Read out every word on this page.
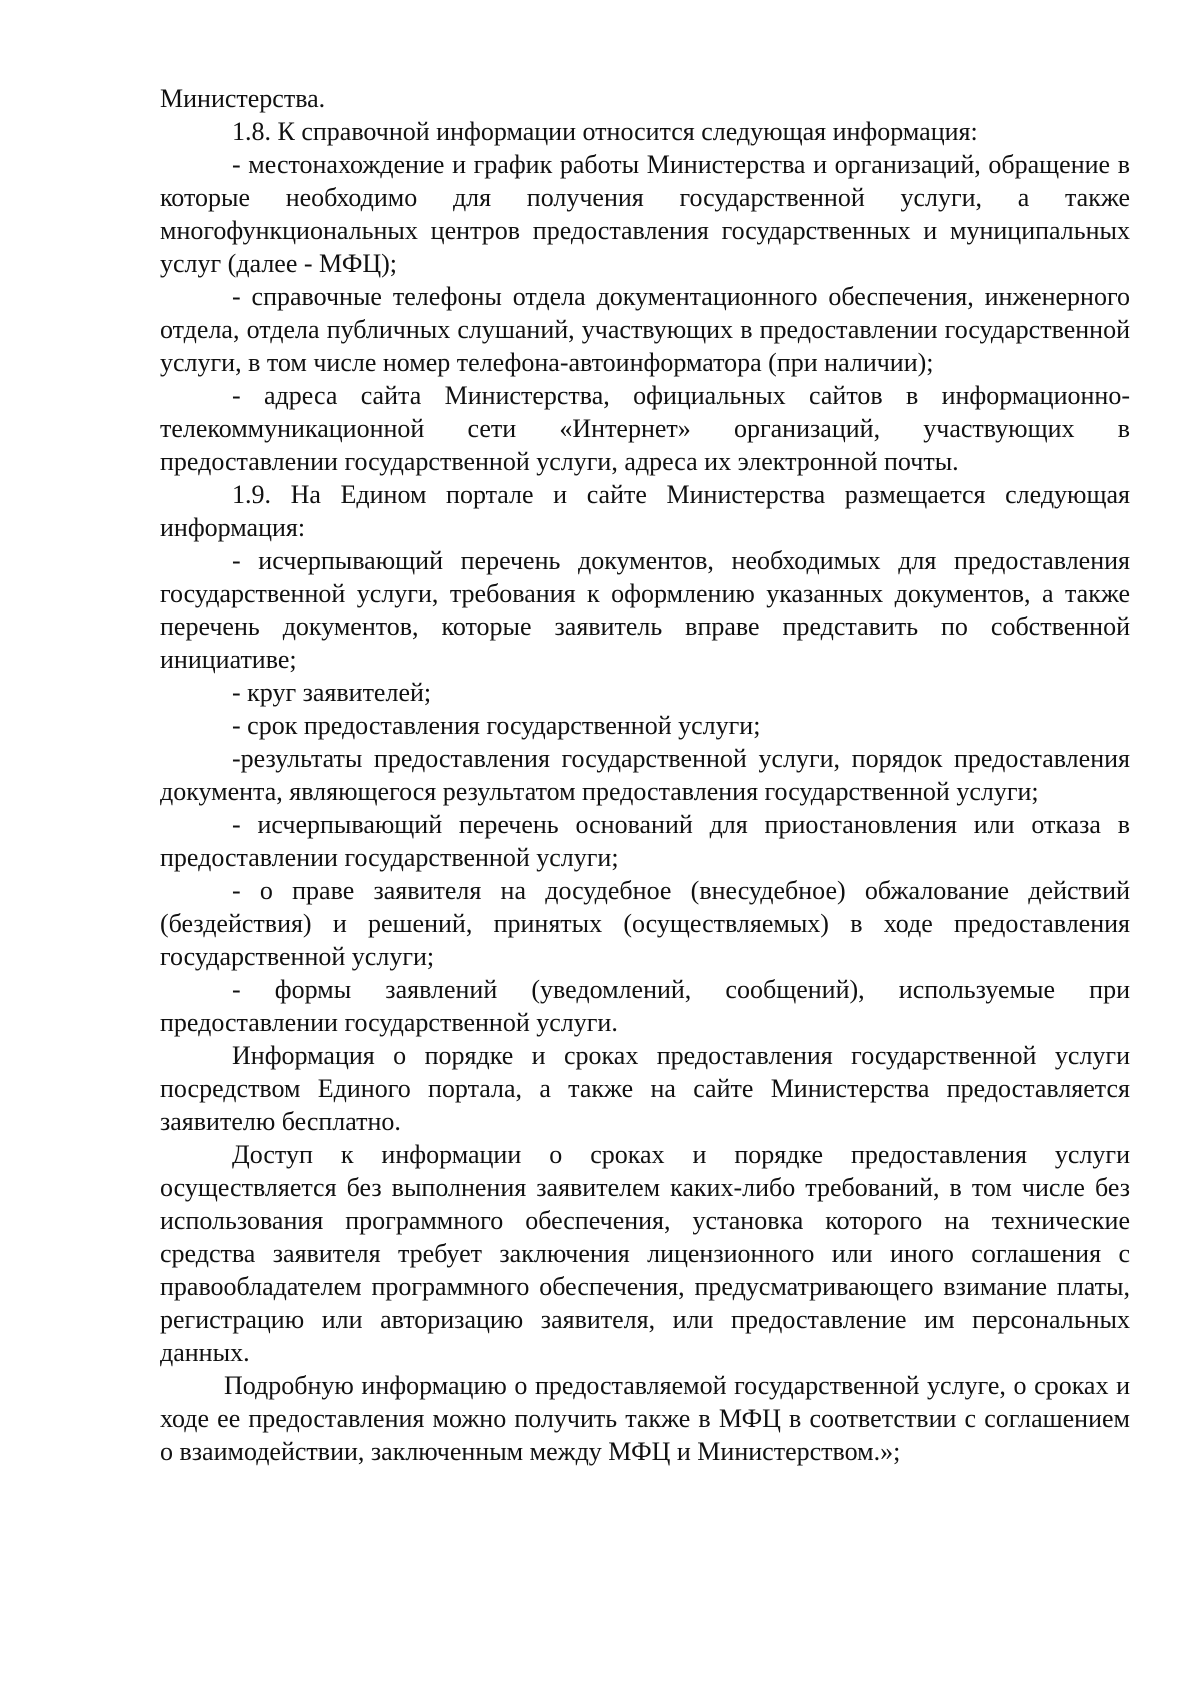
Министерства.

1.8. К справочной информации относится следующая информация:

- местонахождение и график работы Министерства и организаций, обращение в которые необходимо для получения государственной услуги, а также многофункциональных центров предоставления государственных и муниципальных услуг (далее - МФЦ);

- справочные телефоны отдела документационного обеспечения, инженерного отдела, отдела публичных слушаний, участвующих в предоставлении государственной услуги, в том числе номер телефона-автоинформатора (при наличии);

- адреса сайта Министерства, официальных сайтов в информационно-телекоммуникационной сети «Интернет» организаций, участвующих в предоставлении государственной услуги, адреса их электронной почты.

1.9. На Едином портале и сайте Министерства размещается следующая информация:

- исчерпывающий перечень документов, необходимых для предоставления государственной услуги, требования к оформлению указанных документов, а также перечень документов, которые заявитель вправе представить по собственной инициативе;

- круг заявителей;

- срок предоставления государственной услуги;

-результаты предоставления государственной услуги, порядок предоставления документа, являющегося результатом предоставления государственной услуги;

- исчерпывающий перечень оснований для приостановления или отказа в предоставлении государственной услуги;

- о праве заявителя на досудебное (внесудебное) обжалование действий (бездействия) и решений, принятых (осуществляемых) в ходе предоставления государственной услуги;

- формы заявлений (уведомлений, сообщений), используемые при предоставлении государственной услуги.

Информация о порядке и сроках предоставления государственной услуги посредством Единого портала, а также на сайте Министерства предоставляется заявителю бесплатно.

Доступ к информации о сроках и порядке предоставления услуги осуществляется без выполнения заявителем каких-либо требований, в том числе без использования программного обеспечения, установка которого на технические средства заявителя требует заключения лицензионного или иного соглашения с правообладателем программного обеспечения, предусматривающего взимание платы, регистрацию или авторизацию заявителя, или предоставление им персональных данных.

Подробную информацию о предоставляемой государственной услуге, о сроках и ходе ее предоставления можно получить также в МФЦ в соответствии с соглашением о взаимодействии, заключенным между МФЦ и Министерством.»;
